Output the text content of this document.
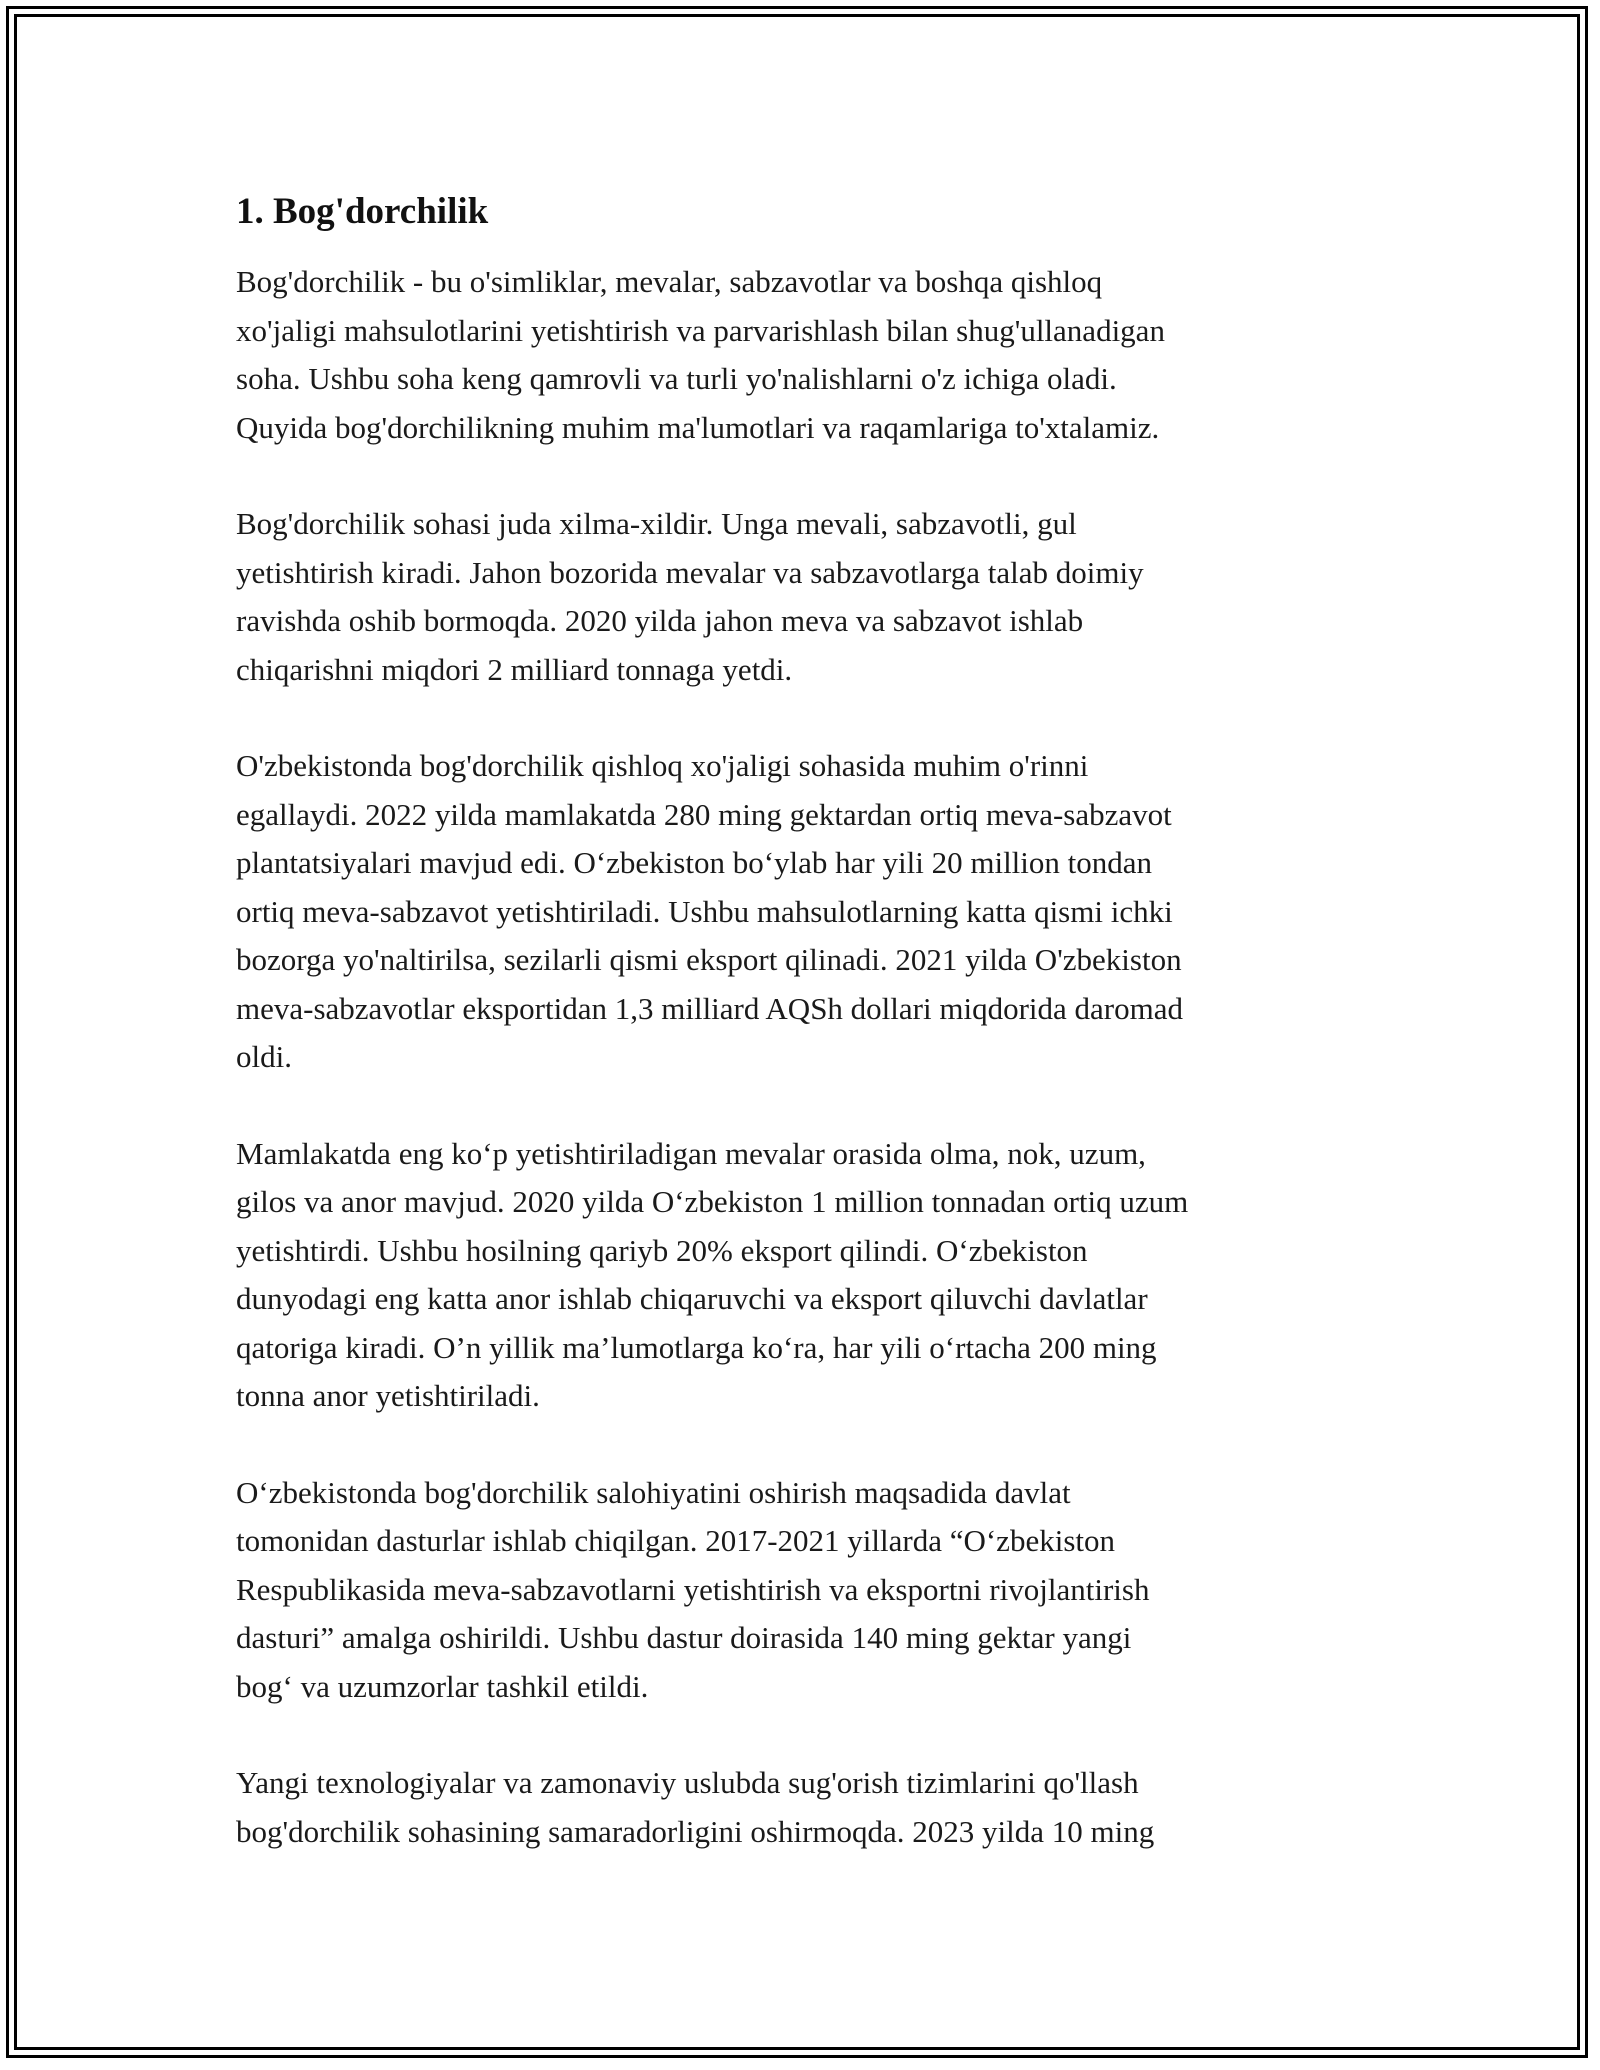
1. Bog'dorchilik

Bog'dorchilik - bu o'simliklar, mevalar, sabzavotlar va boshqa qishloq
xo'jaligi mahsulotlarini yetishtirish va parvarishlash bilan shug'ullanadigan
soha. Ushbu soha keng qamrovli va turli yo'nalishlarni o'z ichiga oladi.
Quyida bog'dorchilikning muhim ma'lumotlari va raqamlariga to'xtalamiz.

Bog'dorchilik sohasi juda xilma-xildir. Unga mevali, sabzavotli, gul
yetishtirish kiradi. Jahon bozorida mevalar va sabzavotlarga talab doimiy
ravishda oshib bormoqda. 2020 yilda jahon meva va sabzavot ishlab
chiqarishni miqdori 2 milliard tonnaga yetdi.

O'zbekistonda bog'dorchilik qishloq xo'jaligi sohasida muhim o'rinni
egallaydi. 2022 yilda mamlakatda 280 ming gektardan ortiq meva-sabzavot
plantatsiyalari mavjud edi. O‘zbekiston bo‘ylab har yili 20 million tondan
ortiq meva-sabzavot yetishtiriladi. Ushbu mahsulotlarning katta qismi ichki
bozorga yo'naltirilsa, sezilarli qismi eksport qilinadi. 2021 yilda O'zbekiston
meva-sabzavotlar eksportidan 1,3 milliard AQSh dollari miqdorida daromad
oldi.

Mamlakatda eng ko‘p yetishtiriladigan mevalar orasida olma, nok, uzum,
gilos va anor mavjud. 2020 yilda O‘zbekiston 1 million tonnadan ortiq uzum
yetishtirdi. Ushbu hosilning qariyb 20% eksport qilindi. O‘zbekiston
dunyodagi eng katta anor ishlab chiqaruvchi va eksport qiluvchi davlatlar
qatoriga kiradi. O’n yillik ma’lumotlarga ko‘ra, har yili o‘rtacha 200 ming
tonna anor yetishtiriladi.

O‘zbekistonda bog'dorchilik salohiyatini oshirish maqsadida davlat
tomonidan dasturlar ishlab chiqilgan. 2017-2021 yillarda “O‘zbekiston
Respublikasida meva-sabzavotlarni yetishtirish va eksportni rivojlantirish
dasturi” amalga oshirildi. Ushbu dastur doirasida 140 ming gektar yangi
bog‘ va uzumzorlar tashkil etildi.

Yangi texnologiyalar va zamonaviy uslubda sug'orish tizimlarini qo'llash
bog'dorchilik sohasining samaradorligini oshirmoqda. 2023 yilda 10 ming
